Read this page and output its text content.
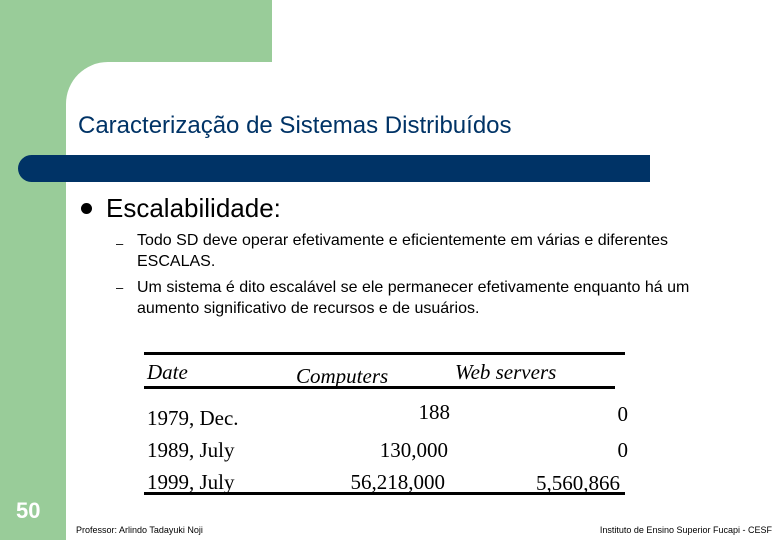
Caracterização de Sistemas Distribuídos
Escalabilidade:
– Todo SD deve operar efetivamente e eficientemente em várias e diferentes ESCALAS.
– Um sistema é dito escalável se ele permanecer efetivamente enquanto há um aumento significativo de recursos e de usuários.
Date	Computers	Web servers
1979, Dec.	188	0
1989, July	130,000	0
1999, July	56,218,000	5,560,866
50
Professor: Arlindo Tadayuki Noji	Instituto de Ensino Superior Fucapi - CESF
